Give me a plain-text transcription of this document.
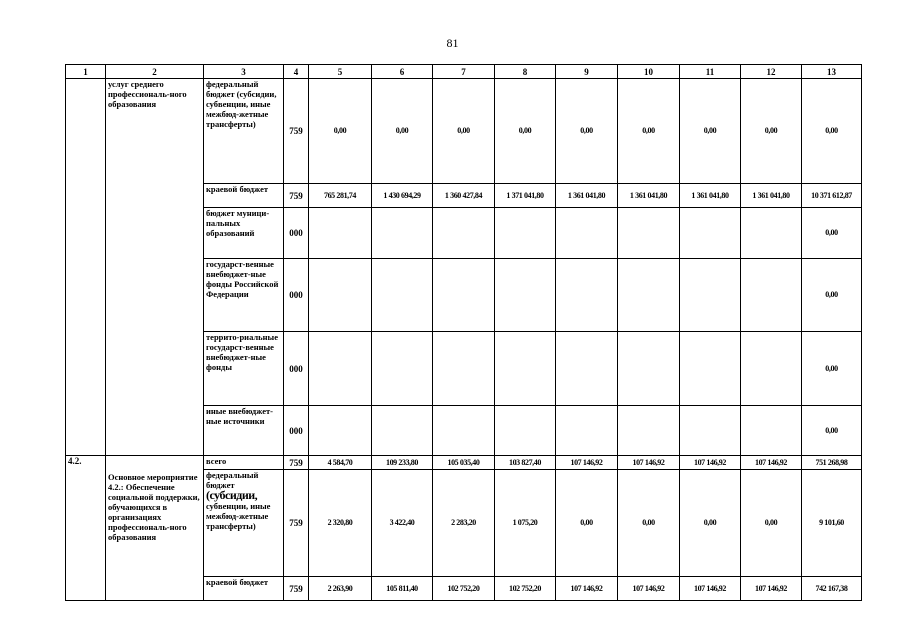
81
1	2	3	4	5	6	7	8	9	10	11	12	13
	услуг среднего профессиональ-ного образования	федеральный бюджет (субсидии, субвенции, иные межбюд-жетные трансферты)	759	0,00	0,00	0,00	0,00	0,00	0,00	0,00	0,00	0,00
		краевой бюджет	759	765 281,74	1 430 694,29	1 360 427,84	1 371 041,80	1 361 041,80	1 361 041,80	1 361 041,80	1 361 041,80	10 371 612,87
		бюджет муници-пальных образований	000									0,00
		государст-венные внебюджет-ные фонды Российской Федерации	000									0,00
		террито-риальные государст-венные внебюджет-ные фонды	000									0,00
		иные внебюджет-ные источники	000									0,00
4.2.	Основное мероприятие 4.2.: Обеспечение социальной поддержки, обучающихся в организациях профессиональ-ного образования	всего	759	4 584,70	109 233,80	105 035,40	103 827,40	107 146,92	107 146,92	107 146,92	107 146,92	751 268,98
		федеральный бюджет (субсидии, субвенции, иные межбюд-жетные трансферты)	759	2 320,80	3 422,40	2 283,20	1 075,20	0,00	0,00	0,00	0,00	9 101,60
		краевой бюджет	759	2 263,90	105 811,40	102 752,20	102 752,20	107 146,92	107 146,92	107 146,92	107 146,92	742 167,38
